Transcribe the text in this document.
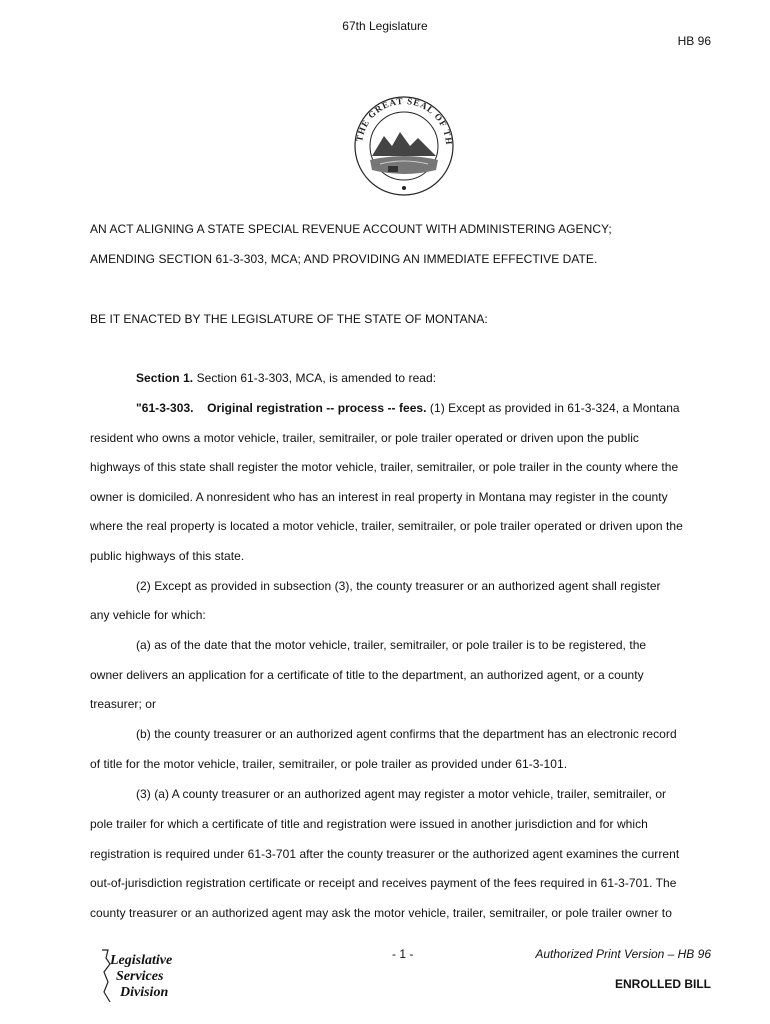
67th Legislature
HB 96
THE GREAT SEAL OF TH
AN ACT ALIGNING A STATE SPECIAL REVENUE ACCOUNT WITH ADMINISTERING AGENCY;
AMENDING SECTION 61-3-303, MCA; AND PROVIDING AN IMMEDIATE EFFECTIVE DATE.
BE IT ENACTED BY THE LEGISLATURE OF THE STATE OF MONTANA:
Section 1. Section 61-3-303, MCA, is amended to read:
"61-3-303. Original registration -- process -- fees. (1) Except as provided in 61-3-324, a Montana
resident who owns a motor vehicle, trailer, semitrailer, or pole trailer operated or driven upon the public
highways of this state shall register the motor vehicle, trailer, semitrailer, or pole trailer in the county where the
owner is domiciled. A nonresident who has an interest in real property in Montana may register in the county
where the real property is located a motor vehicle, trailer, semitrailer, or pole trailer operated or driven upon the
public highways of this state.
(2) Except as provided in subsection (3), the county treasurer or an authorized agent shall register
any vehicle for which:
(a) as of the date that the motor vehicle, trailer, semitrailer, or pole trailer is to be registered, the
owner delivers an application for a certificate of title to the department, an authorized agent, or a county
treasurer; or
(b) the county treasurer or an authorized agent confirms that the department has an electronic record
of title for the motor vehicle, trailer, semitrailer, or pole trailer as provided under 61-3-101.
(3) (a) A county treasurer or an authorized agent may register a motor vehicle, trailer, semitrailer, or
pole trailer for which a certificate of title and registration were issued in another jurisdiction and for which
registration is required under 61-3-701 after the county treasurer or the authorized agent examines the current
out-of-jurisdiction registration certificate or receipt and receives payment of the fees required in 61-3-701. The
county treasurer or an authorized agent may ask the motor vehicle, trailer, semitrailer, or pole trailer owner to
Legislative
Services
Division
- 1 -	Authorized Print Version – HB 96
ENROLLED BILL
